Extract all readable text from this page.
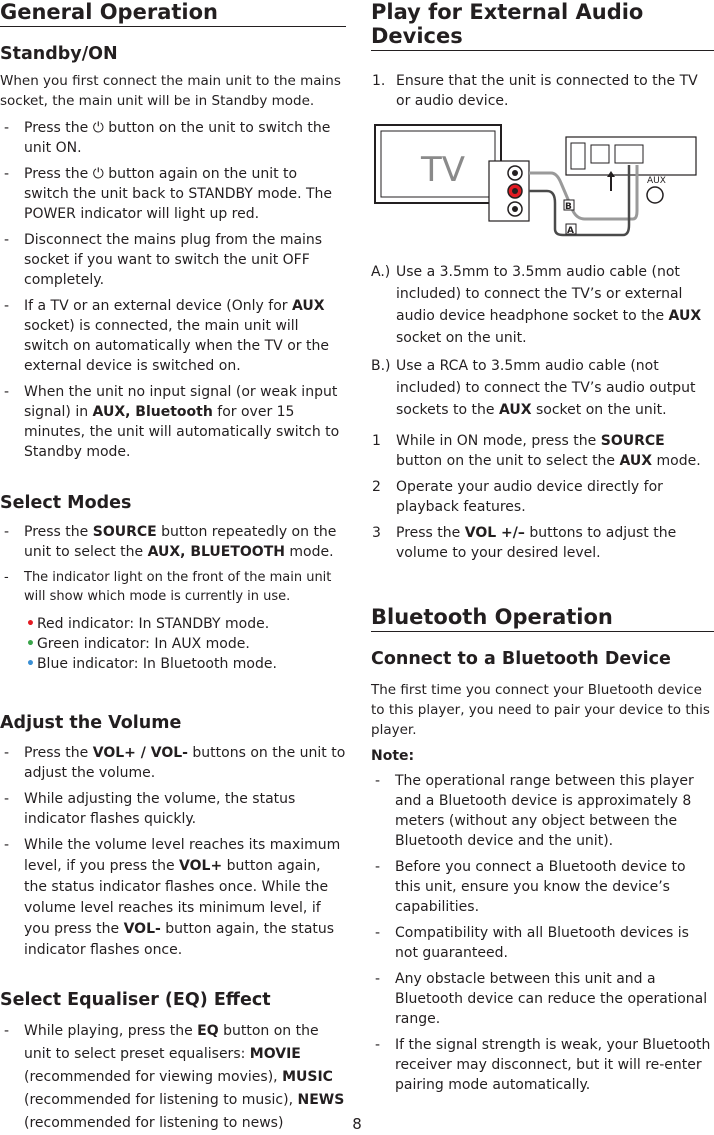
General Operation
Standby/ON

When you first connect the main unit to the mains socket, the main unit will be in Standby mode.

- Press the ⏻ button on the unit to switch the unit ON.
- Press the ⏻ button again on the unit to switch the unit back to STANDBY mode. The POWER indicator will light up red.
- Disconnect the mains plug from the mains socket if you want to switch the unit OFF completely.
- If a TV or an external device (Only for AUX socket) is connected, the main unit will switch on automatically when the TV or the external device is switched on.
- When the unit no input signal (or weak input signal) in AUX, Bluetooth for over 15 minutes, the unit will automatically switch to Standby mode.
Select Modes
- Press the SOURCE button repeatedly on the unit to select the AUX, BLUETOOTH mode.
- The indicator light on the front of the main unit will show which mode is currently in use.
• Red indicator: In STANDBY mode.
• Green indicator: In AUX mode.
• Blue indicator: In Bluetooth mode.
Adjust the Volume
- Press the VOL+ / VOL- buttons on the unit to adjust the volume.
- While adjusting the volume, the status indicator flashes quickly.
- While the volume level reaches its maximum level, if you press the VOL+ button again, the status indicator flashes once. While the volume level reaches its minimum level, if you press the VOL- button again, the status indicator flashes once.
Select Equaliser (EQ) Effect
- While playing, press the EQ button on the unit to select preset equalisers: MOVIE (recommended for viewing movies), MUSIC (recommended for listening to music), NEWS (recommended for listening to news)
Play for External Audio Devices
1. Ensure that the unit is connected to the TV or audio device.
TV	AUX
B
A
A.) Use a 3.5mm to 3.5mm audio cable (not included) to connect the TV’s or external audio device headphone socket to the AUX socket on the unit.
B.) Use a RCA to 3.5mm audio cable (not included) to connect the TV’s audio output sockets to the AUX socket on the unit.
1 While in ON mode, press the SOURCE button on the unit to select the AUX mode.
2 Operate your audio device directly for playback features.
3 Press the VOL +/– buttons to adjust the volume to your desired level.
Bluetooth Operation
Connect to a Bluetooth Device

The first time you connect your Bluetooth device to this player, you need to pair your device to this player.

Note:

- The operational range between this player and a Bluetooth device is approximately 8 meters (without any object between the Bluetooth device and the unit).
- Before you connect a Bluetooth device to this unit, ensure you know the device’s capabilities.
- Compatibility with all Bluetooth devices is not guaranteed.
- Any obstacle between this unit and a Bluetooth device can reduce the operational range.
- If the signal strength is weak, your Bluetooth receiver may disconnect, but it will re-enter pairing mode automatically.
8
